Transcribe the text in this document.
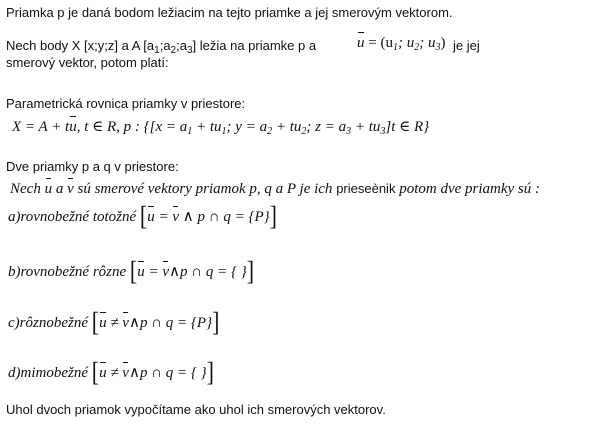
Priamka p je daná bodom ležiacim na tejto priamke a jej smerovým vektorom.
Nech body X [x;y;z] a A $[a_1;a_2;a_3]$ ležia na priamke p a	$u = (u_1$; $u_2$; $u_3$) je jej
smerový vektor, potom platí:
Parametrická rovnica priamky v priestore:
X = A + tu, t ∈ R, p : {[$x = a_1 + tu_1$; $y = a_2 + tu_2$; $z = a_3 + tu_3]t$ ∈ R}
Dve priamky p a q v priestore:
Nech u a v sú smerové vektory priamok p, q a P je ich prieseènik potom dve priamky sú :
a)rovnobežné totožné [u = v ∧ p ∩ q = {P}]
b)rovnobežné rôzne [u = v∧p ∩ q = { }]
c)rôznobežné [u ≠ v∧p ∩ q = {P}]
d)mimobežné [u ≠ v∧p ∩ q = { }]
Uhol dvoch priamok vypočítame ako uhol ich smerových vektorov.
